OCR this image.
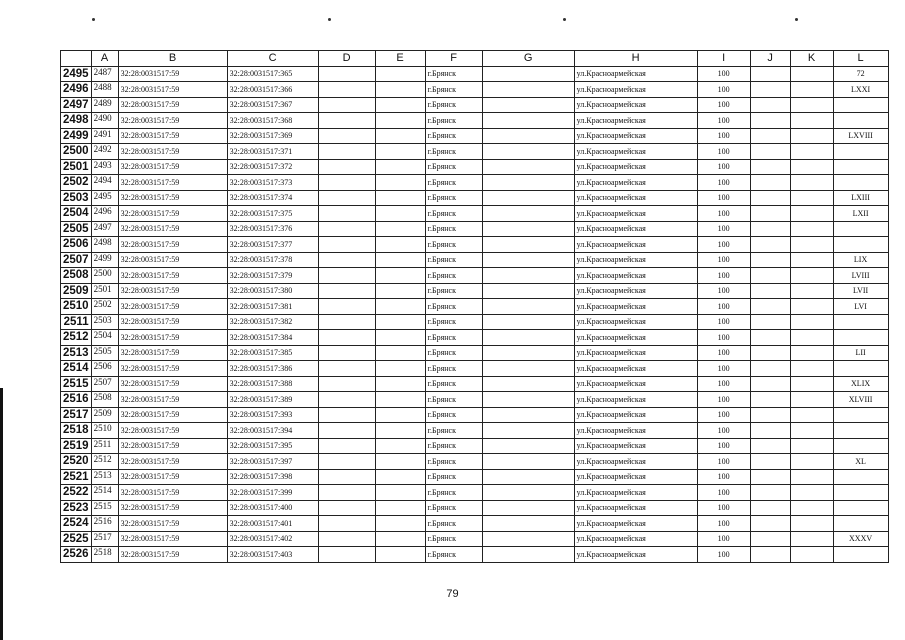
	A	B	C	D	E	F	G	H	I	J	K	L
2495	2487	32:28:0031517:59	32:28:0031517:365			г.Брянск		ул.Красноармейская	100			72
2496	2488	32:28:0031517:59	32:28:0031517:366			г.Брянск		ул.Красноармейская	100			LXXI
2497	2489	32:28:0031517:59	32:28:0031517:367			г.Брянск		ул.Красноармейская	100			
2498	2490	32:28:0031517:59	32:28:0031517:368			г.Брянск		ул.Красноармейская	100			
2499	2491	32:28:0031517:59	32:28:0031517:369			г.Брянск		ул.Красноармейская	100			LXVIII
2500	2492	32:28:0031517:59	32:28:0031517:371			г.Брянск		ул.Красноармейская	100			
2501	2493	32:28:0031517:59	32:28:0031517:372			г.Брянск		ул.Красноармейская	100			
2502	2494	32:28:0031517:59	32:28:0031517:373			г.Брянск		ул.Красноармейская	100			
2503	2495	32:28:0031517:59	32:28:0031517:374			г.Брянск		ул.Красноармейская	100			LXIII
2504	2496	32:28:0031517:59	32:28:0031517:375			г.Брянск		ул.Красноармейская	100			LXII
2505	2497	32:28:0031517:59	32:28:0031517:376			г.Брянск		ул.Красноармейская	100			
2506	2498	32:28:0031517:59	32:28:0031517:377			г.Брянск		ул.Красноармейская	100			
2507	2499	32:28:0031517:59	32:28:0031517:378			г.Брянск		ул.Красноармейская	100			LIX
2508	2500	32:28:0031517:59	32:28:0031517:379			г.Брянск		ул.Красноармейская	100			LVIII
2509	2501	32:28:0031517:59	32:28:0031517:380			г.Брянск		ул.Красноармейская	100			LVII
2510	2502	32:28:0031517:59	32:28:0031517:381			г.Брянск		ул.Красноармейская	100			LVI
2511	2503	32:28:0031517:59	32:28:0031517:382			г.Брянск		ул.Красноармейская	100			
2512	2504	32:28:0031517:59	32:28:0031517:384			г.Брянск		ул.Красноармейская	100			
2513	2505	32:28:0031517:59	32:28:0031517:385			г.Брянск		ул.Красноармейская	100			LII
2514	2506	32:28:0031517:59	32:28:0031517:386			г.Брянск		ул.Красноармейская	100			
2515	2507	32:28:0031517:59	32:28:0031517:388			г.Брянск		ул.Красноармейская	100			XLIX
2516	2508	32:28:0031517:59	32:28:0031517:389			г.Брянск		ул.Красноармейская	100			XLVIII
2517	2509	32:28:0031517:59	32:28:0031517:393			г.Брянск		ул.Красноармейская	100			
2518	2510	32:28:0031517:59	32:28:0031517:394			г.Брянск		ул.Красноармейская	100			
2519	2511	32:28:0031517:59	32:28:0031517:395			г.Брянск		ул.Красноармейская	100			
2520	2512	32:28:0031517:59	32:28:0031517:397			г.Брянск		ул.Красноармейская	100			XL
2521	2513	32:28:0031517:59	32:28:0031517:398			г.Брянск		ул.Красноармейская	100			
2522	2514	32:28:0031517:59	32:28:0031517:399			г.Брянск		ул.Красноармейская	100			
2523	2515	32:28:0031517:59	32:28:0031517:400			г.Брянск		ул.Красноармейская	100			
2524	2516	32:28:0031517:59	32:28:0031517:401			г.Брянск		ул.Красноармейская	100			
2525	2517	32:28:0031517:59	32:28:0031517:402			г.Брянск		ул.Красноармейская	100			XXXV
2526	2518	32:28:0031517:59	32:28:0031517:403			г.Брянск		ул.Красноармейская	100			
79
